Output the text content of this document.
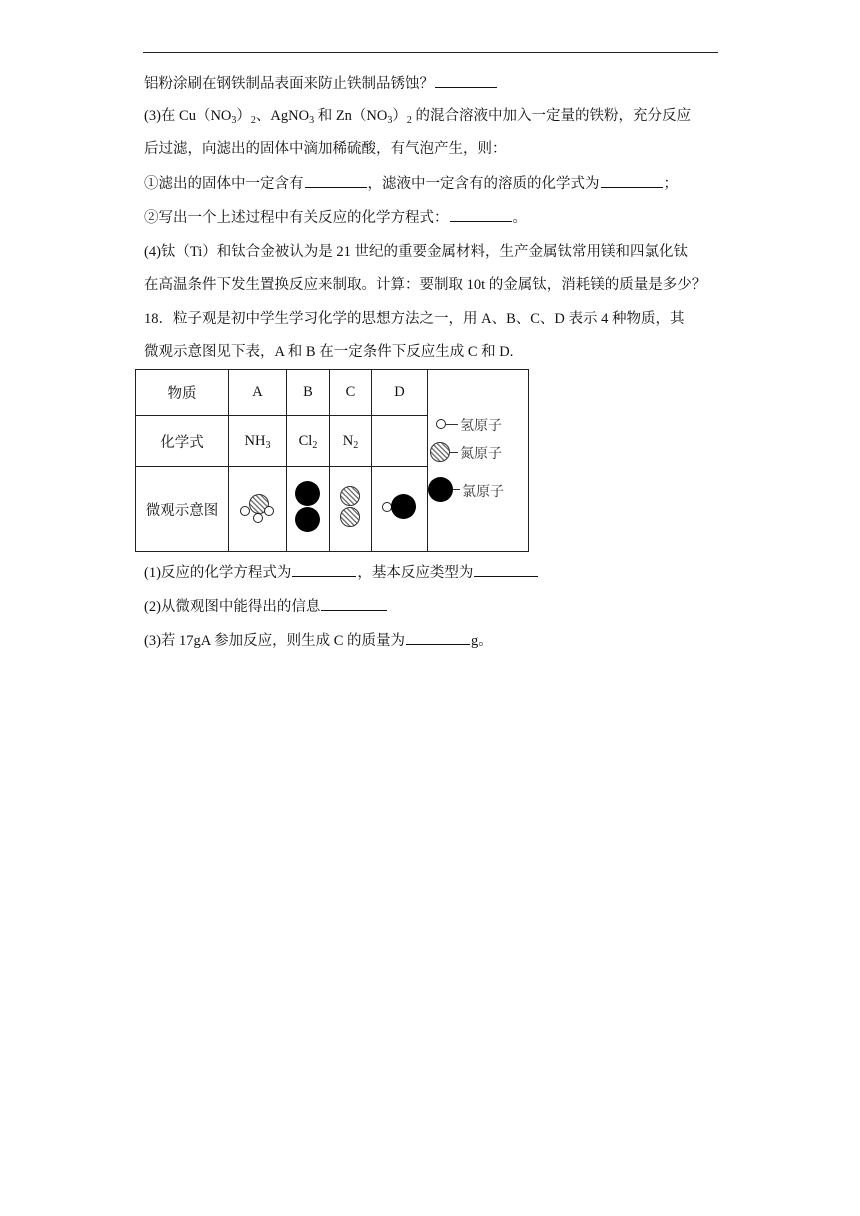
铝粉涂刷在钢铁制品表面来防止铁制品锈蚀？
(3)在 $Cu(NO_3)_2$、AgNO$_3$ 和 $Zn(NO_3)_2$ 的混合溶液中加入一定量的铁粉，充分反应
后过滤，向滤出的固体中滴加稀硫酸，有气泡产生，则：
①滤出的固体中一定含有	，滤液中一定含有的溶质的化学式为	；
②写出一个上述过程中有关反应的化学方程式：	。
(4)钛（Ti）和钛合金被认为是 21 世纪的重要金属材料，生产金属钛常用镁和四氯化钛
在高温条件下发生置换反应来制取。计算：要制取 10t 的金属钛，消耗镁的质量是多少？
18．粒子观是初中学生学习化学的思想方法之一，用 A、B、C、D 表示 4 种物质，其
微观示意图见下表，A 和 B 在一定条件下反应生成 C 和 D.
物质	A	B	C	D	氢原子
氮原子
氯原子

化学式	$NH_3$	$Cl_2$	$N_2$	
微观示意图		

(1)反应的化学方程式为	，基本反应类型为
(2)从微观图中能得出的信息
(3)若 17gA 参加反应，则生成 C 的质量为	g。
